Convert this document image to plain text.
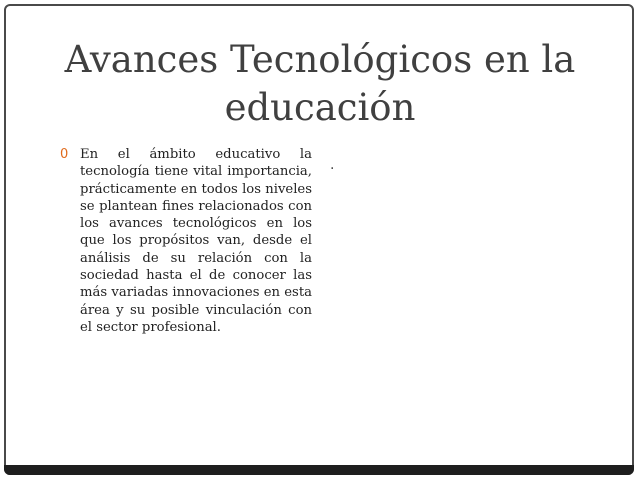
Avances Tecnológicos en la educación
0 En el ámbito educativo la tecnología tiene vital importancia, prácticamente en todos los niveles se plantean fines relacionados con los avances tecnológicos en los que los propósitos van, desde el análisis de su relación con la sociedad hasta el de conocer las más variadas innovaciones en esta área y su posible vinculación con el sector profesional.
.
